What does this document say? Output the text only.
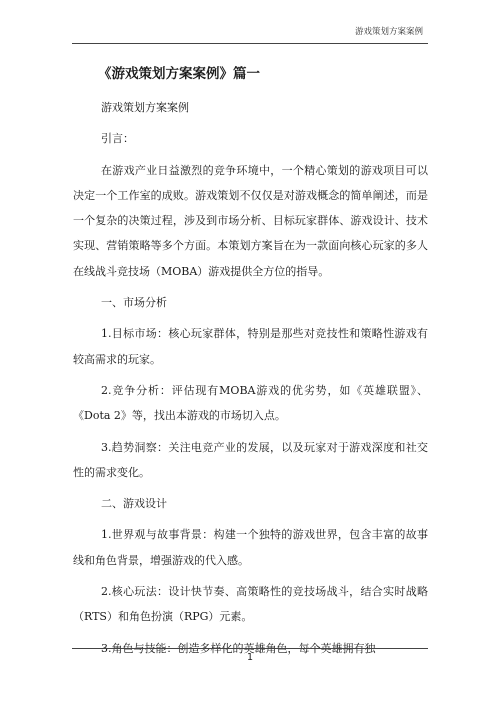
游戏策划方案案例
《游戏策划方案案例》篇一

游戏策划方案案例

引言：

在游戏产业日益激烈的竞争环境中，一个精心策划的游戏项目可以决定一个工作室的成败。游戏策划不仅仅是对游戏概念的简单阐述，而是一个复杂的决策过程，涉及到市场分析、目标玩家群体、游戏设计、技术实现、营销策略等多个方面。本策划方案旨在为一款面向核心玩家的多人在线战斗竞技场（MOBA）游戏提供全方位的指导。

一、市场分析

1.目标市场：核心玩家群体，特别是那些对竞技性和策略性游戏有较高需求的玩家。

2.竞争分析：评估现有MOBA游戏的优劣势，如《英雄联盟》、《Dota 2》等，找出本游戏的市场切入点。

3.趋势洞察：关注电竞产业的发展，以及玩家对于游戏深度和社交性的需求变化。

二、游戏设计

1.世界观与故事背景：构建一个独特的游戏世界，包含丰富的故事线和角色背景，增强游戏的代入感。

2.核心玩法：设计快节奏、高策略性的竞技场战斗，结合实时战略（RTS）和角色扮演（RPG）元素。

3.角色与技能：创造多样化的英雄角色，每个英雄拥有独

1
